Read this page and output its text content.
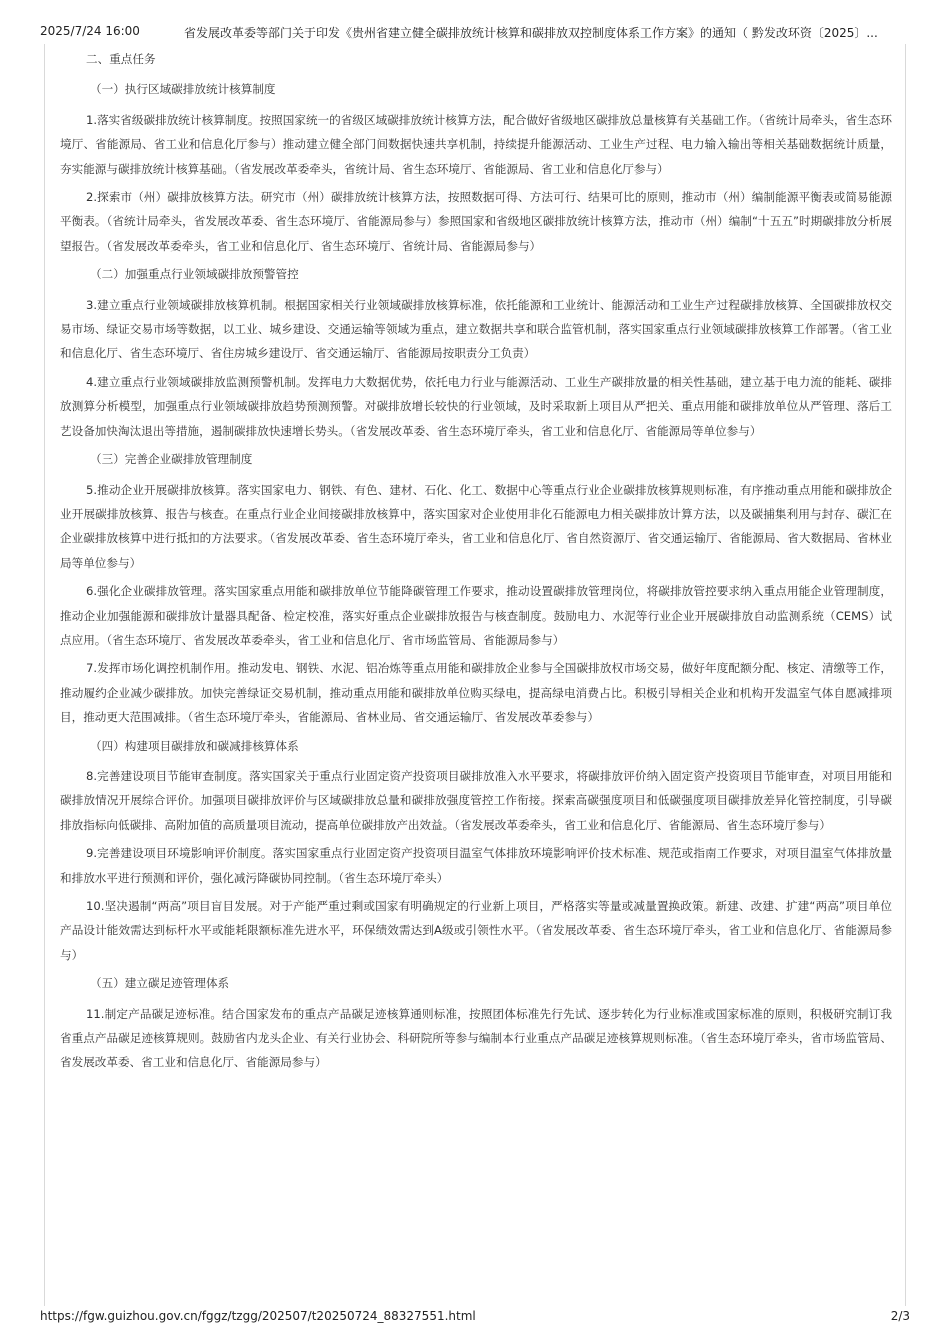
2025/7/24 16:00	省发展改革委等部门关于印发《贵州省建立健全碳排放统计核算和碳排放双控制度体系工作方案》的通知（ 黔发改环资〔2025〕...

二、重点任务

（一）执行区域碳排放统计核算制度

1.落实省级碳排放统计核算制度。按照国家统一的省级区域碳排放统计核算方法，配合做好省级地区碳排放总量核算有关基础工作。（省统计局牵头，省生态环境厅、省能源局、省工业和信息化厅参与）推动建立健全部门间数据快速共享机制，持续提升能源活动、工业生产过程、电力输入输出等相关基础数据统计质量，夯实能源与碳排放统计核算基础。（省发展改革委牵头，省统计局、省生态环境厅、省能源局、省工业和信息化厅参与）

2.探索市（州）碳排放核算方法。研究市（州）碳排放统计核算方法，按照数据可得、方法可行、结果可比的原则，推动市（州）编制能源平衡表或简易能源平衡表。（省统计局牵头，省发展改革委、省生态环境厅、省能源局参与）参照国家和省级地区碳排放统计核算方法，推动市（州）编制“十五五”时期碳排放分析展望报告。（省发展改革委牵头，省工业和信息化厅、省生态环境厅、省统计局、省能源局参与）

（二）加强重点行业领域碳排放预警管控

3.建立重点行业领域碳排放核算机制。根据国家相关行业领域碳排放核算标准，依托能源和工业统计、能源活动和工业生产过程碳排放核算、全国碳排放权交易市场、绿证交易市场等数据，以工业、城乡建设、交通运输等领域为重点，建立数据共享和联合监管机制，落实国家重点行业领域碳排放核算工作部署。（省工业和信息化厅、省生态环境厅、省住房城乡建设厅、省交通运输厅、省能源局按职责分工负责）

4.建立重点行业领域碳排放监测预警机制。发挥电力大数据优势，依托电力行业与能源活动、工业生产碳排放量的相关性基础，建立基于电力流的能耗、碳排放测算分析模型，加强重点行业领域碳排放趋势预测预警。对碳排放增长较快的行业领域，及时采取新上项目从严把关、重点用能和碳排放单位从严管理、落后工艺设备加快淘汰退出等措施，遏制碳排放快速增长势头。（省发展改革委、省生态环境厅牵头，省工业和信息化厅、省能源局等单位参与）

（三）完善企业碳排放管理制度

5.推动企业开展碳排放核算。落实国家电力、钢铁、有色、建材、石化、化工、数据中心等重点行业企业碳排放核算规则标准，有序推动重点用能和碳排放企业开展碳排放核算、报告与核查。在重点行业企业间接碳排放核算中，落实国家对企业使用非化石能源电力相关碳排放计算方法，以及碳捕集利用与封存、碳汇在企业碳排放核算中进行抵扣的方法要求。（省发展改革委、省生态环境厅牵头，省工业和信息化厅、省自然资源厅、省交通运输厅、省能源局、省大数据局、省林业局等单位参与）

6.强化企业碳排放管理。落实国家重点用能和碳排放单位节能降碳管理工作要求，推动设置碳排放管理岗位，将碳排放管控要求纳入重点用能企业管理制度，推动企业加强能源和碳排放计量器具配备、检定校准，落实好重点企业碳排放报告与核查制度。鼓励电力、水泥等行业企业开展碳排放自动监测系统（CEMS）试点应用。（省生态环境厅、省发展改革委牵头，省工业和信息化厅、省市场监管局、省能源局参与）

7.发挥市场化调控机制作用。推动发电、钢铁、水泥、铝冶炼等重点用能和碳排放企业参与全国碳排放权市场交易，做好年度配额分配、核定、清缴等工作，推动履约企业减少碳排放。加快完善绿证交易机制，推动重点用能和碳排放单位购买绿电，提高绿电消费占比。积极引导相关企业和机构开发温室气体自愿减排项目，推动更大范围减排。（省生态环境厅牵头，省能源局、省林业局、省交通运输厅、省发展改革委参与）

（四）构建项目碳排放和碳减排核算体系

8.完善建设项目节能审查制度。落实国家关于重点行业固定资产投资项目碳排放准入水平要求，将碳排放评价纳入固定资产投资项目节能审查，对项目用能和碳排放情况开展综合评价。加强项目碳排放评价与区域碳排放总量和碳排放强度管控工作衔接。探索高碳强度项目和低碳强度项目碳排放差异化管控制度，引导碳排放指标向低碳排、高附加值的高质量项目流动，提高单位碳排放产出效益。（省发展改革委牵头，省工业和信息化厅、省能源局、省生态环境厅参与）

9.完善建设项目环境影响评价制度。落实国家重点行业固定资产投资项目温室气体排放环境影响评价技术标准、规范或指南工作要求，对项目温室气体排放量和排放水平进行预测和评价，强化减污降碳协同控制。（省生态环境厅牵头）

10.坚决遏制“两高”项目盲目发展。对于产能严重过剩或国家有明确规定的行业新上项目，严格落实等量或减量置换政策。新建、改建、扩建“两高”项目单位产品设计能效需达到标杆水平或能耗限额标准先进水平，环保绩效需达到A级或引领性水平。（省发展改革委、省生态环境厅牵头，省工业和信息化厅、省能源局参与）

（五）建立碳足迹管理体系

11.制定产品碳足迹标准。结合国家发布的重点产品碳足迹核算通则标准，按照团体标准先行先试、逐步转化为行业标准或国家标准的原则，积极研究制订我省重点产品碳足迹核算规则。鼓励省内龙头企业、有关行业协会、科研院所等参与编制本行业重点产品碳足迹核算规则标准。（省生态环境厅牵头，省市场监管局、省发展改革委、省工业和信息化厅、省能源局参与）

https://fgw.guizhou.gov.cn/fggz/tzgg/202507/t20250724_88327551.html	2/3
